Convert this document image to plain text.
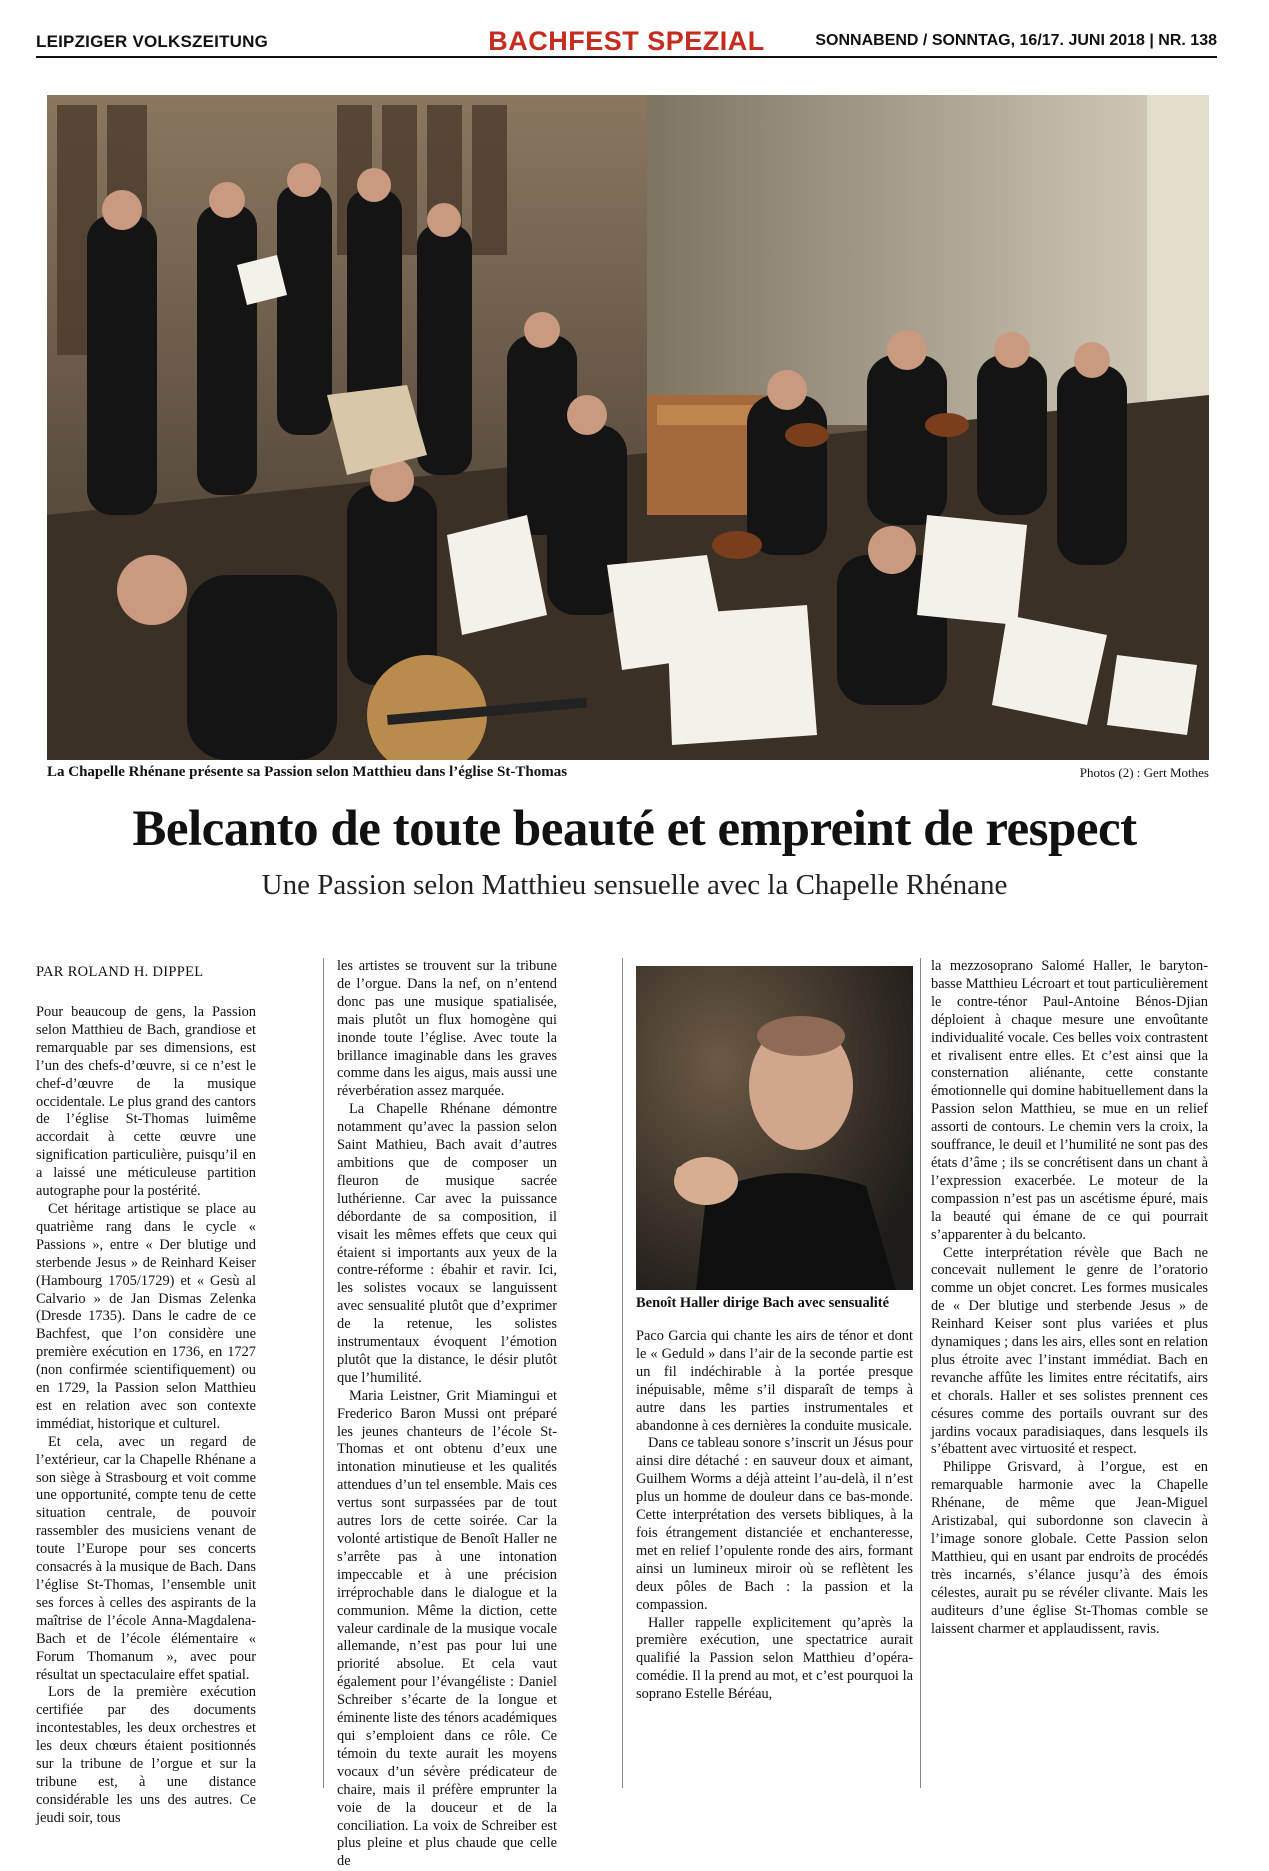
LEIPZIGER VOLKSZEITUNG	BACHFEST SPEZIAL	SONNABEND / SONNTAG, 16/17. JUNI 2018 | NR. 138
La Chapelle Rhénane présente sa Passion selon Matthieu dans l’église St-Thomas	Photos (2) : Gert Mothes
Belcanto de toute beauté et empreint de respect
Une Passion selon Matthieu sensuelle avec la Chapelle Rhénane
PAR ROLAND H. DIPPEL

Pour beaucoup de gens, la Passion selon Matthieu de Bach, grandiose et remarquable par ses dimensions, est l’un des chefs-d’œuvre, si ce n’est le chef-d’œuvre de la musique occidentale. Le plus grand des cantors de l’église St-Thomas luimême accordait à cette œuvre une signification particulière, puisqu’il en a laissé une méticuleuse partition autographe pour la postérité.

Cet héritage artistique se place au quatrième rang dans le cycle « Passions », entre « Der blutige und sterbende Jesus » de Reinhard Keiser (Hambourg 1705/1729) et « Gesù al Calvario » de Jan Dismas Zelenka (Dresde 1735). Dans le cadre de ce Bachfest, que l’on considère une première exécution en 1736, en 1727 (non confirmée scientifiquement) ou en 1729, la Passion selon Matthieu est en relation avec son contexte immédiat, historique et culturel.

Et cela, avec un regard de l’extérieur, car la Chapelle Rhénane a son siège à Strasbourg et voit comme une opportunité, compte tenu de cette situation centrale, de pouvoir rassembler des musiciens venant de toute l’Europe pour ses concerts consacrés à la musique de Bach. Dans l’église St-Thomas, l’ensemble unit ses forces à celles des aspirants de la maîtrise de l’école Anna-Magdalena-Bach et de l’école élémentaire « Forum Thomanum », avec pour résultat un spectaculaire effet spatial.

Lors de la première exécution certifiée par des documents incontestables, les deux orchestres et les deux chœurs étaient positionnés sur la tribune de l’orgue et sur la tribune est, à une distance considérable les uns des autres. Ce jeudi soir, tous

les artistes se trouvent sur la tribune de l’orgue. Dans la nef, on n’entend donc pas une musique spatialisée, mais plutôt un flux homogène qui inonde toute l’église. Avec toute la brillance imaginable dans les graves comme dans les aigus, mais aussi une réverbération assez marquée.

La Chapelle Rhénane démontre notamment qu’avec la passion selon Saint Mathieu, Bach avait d’autres ambitions que de composer un fleuron de musique sacrée luthérienne. Car avec la puissance débordante de sa composition, il visait les mêmes effets que ceux qui étaient si importants aux yeux de la contre-réforme : ébahir et ravir. Ici, les solistes vocaux se languissent avec sensualité plutôt que d’exprimer de la retenue, les solistes instrumentaux évoquent l’émotion plutôt que la distance, le désir plutôt que l’humilité.

Maria Leistner, Grit Miamingui et Frederico Baron Mussi ont préparé les jeunes chanteurs de l’école St-Thomas et ont obtenu d’eux une intonation minutieuse et les qualités attendues d’un tel ensemble. Mais ces vertus sont surpassées par de tout autres lors de cette soirée. Car la volonté artistique de Benoît Haller ne s’arrête pas à une intonation impeccable et à une précision irréprochable dans le dialogue et la communion. Même la diction, cette valeur cardinale de la musique vocale allemande, n’est pas pour lui une priorité absolue. Et cela vaut également pour l’évangéliste : Daniel Schreiber s’écarte de la longue et éminente liste des ténors académiques qui s’emploient dans ce rôle. Ce témoin du texte aurait les moyens vocaux d’un sévère prédicateur de chaire, mais il préfère emprunter la voie de la douceur et de la conciliation. La voix de Schreiber est plus pleine et plus chaude que celle de

Benoît Haller dirige Bach avec sensualité

Paco Garcia qui chante les airs de ténor et dont le « Geduld » dans l’air de la seconde partie est un fil indéchirable à la portée presque inépuisable, même s’il disparaît de temps à autre dans les parties instrumentales et abandonne à ces dernières la conduite musicale.

Dans ce tableau sonore s’inscrit un Jésus pour ainsi dire détaché : en sauveur doux et aimant, Guilhem Worms a déjà atteint l’au-delà, il n’est plus un homme de douleur dans ce bas-monde. Cette interprétation des versets bibliques, à la fois étrangement distanciée et enchanteresse, met en relief l’opulente ronde des airs, formant ainsi un lumineux miroir où se reflètent les deux pôles de Bach : la passion et la compassion.

Haller rappelle explicitement qu’après la première exécution, une spectatrice aurait qualifié la Passion selon Matthieu d’opéra-comédie. Il la prend au mot, et c’est pourquoi la soprano Estelle Béréau,

la mezzosoprano Salomé Haller, le baryton-basse Matthieu Lécroart et tout particulièrement le contre-ténor Paul-Antoine Bénos-Djian déploient à chaque mesure une envoûtante individualité vocale. Ces belles voix contrastent et rivalisent entre elles. Et c’est ainsi que la consternation aliénante, cette constante émotionnelle qui domine habituellement dans la Passion selon Matthieu, se mue en un relief assorti de contours. Le chemin vers la croix, la souffrance, le deuil et l’humilité ne sont pas des états d’âme ; ils se concrétisent dans un chant à l’expression exacerbée. Le moteur de la compassion n’est pas un ascétisme épuré, mais la beauté qui émane de ce qui pourrait s’apparenter à du belcanto.

Cette interprétation révèle que Bach ne concevait nullement le genre de l’oratorio comme un objet concret. Les formes musicales de « Der blutige und sterbende Jesus » de Reinhard Keiser sont plus variées et plus dynamiques ; dans les airs, elles sont en relation plus étroite avec l’instant immédiat. Bach en revanche affûte les limites entre récitatifs, airs et chorals. Haller et ses solistes prennent ces césures comme des portails ouvrant sur des jardins vocaux paradisiaques, dans lesquels ils s’ébattent avec virtuosité et respect.

Philippe Grisvard, à l’orgue, est en remarquable harmonie avec la Chapelle Rhénane, de même que Jean-Miguel Aristizabal, qui subordonne son clavecin à l’image sonore globale. Cette Passion selon Matthieu, qui en usant par endroits de procédés très incarnés, s’élance jusqu’à des émois célestes, aurait pu se révéler clivante. Mais les auditeurs d’une église St-Thomas comble se laissent charmer et applaudissent, ravis.
